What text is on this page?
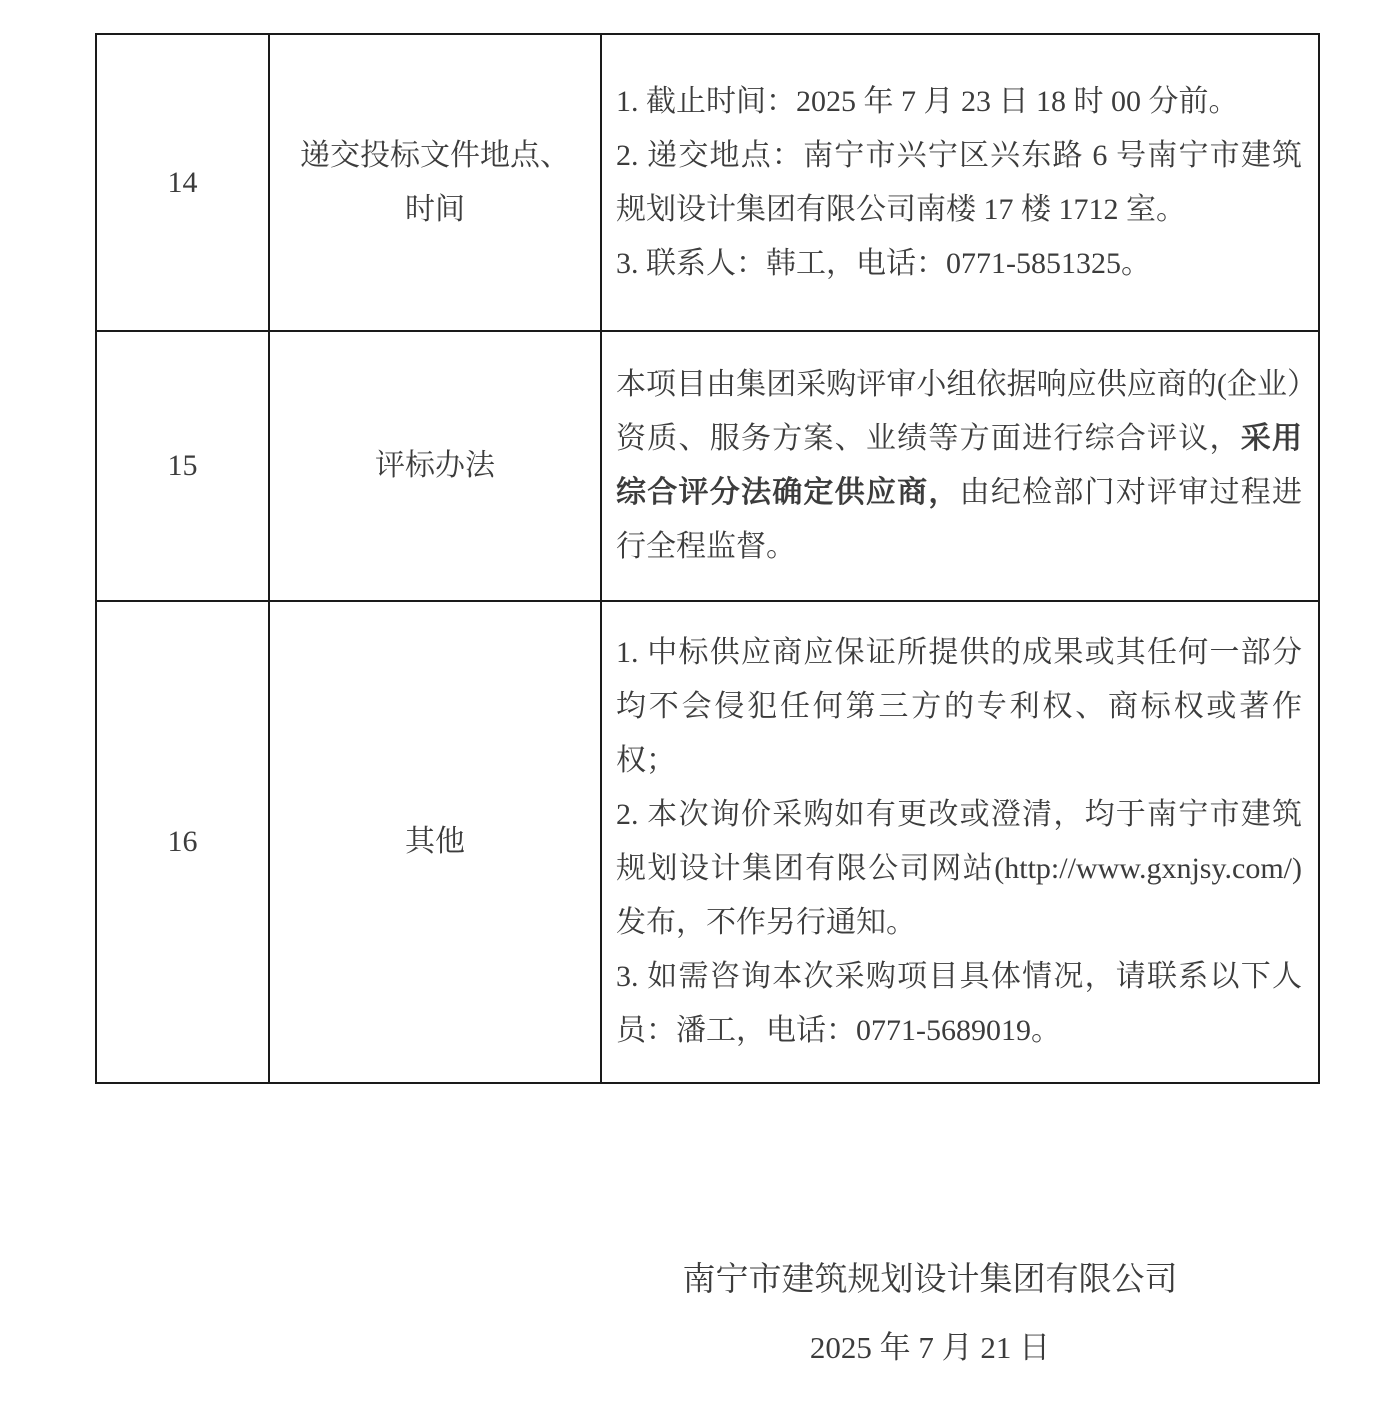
14
递交投标文件地点、
时间

1. 截止时间：2025 年 7 月 23 日 18 时 00 分前。

2. 递交地点：南宁市兴宁区兴东路 6 号南宁市建筑规划设计集团有限公司南楼 17 楼 1712 室。

3. 联系人：韩工，电话：0771-5851325。

15	评标办法

本项目由集团采购评审小组依据响应供应商的(企业）资质、服务方案、业绩等方面进行综合评议，采用综合评分法确定供应商，由纪检部门对评审过程进行全程监督。

16	其他

1. 中标供应商应保证所提供的成果或其任何一部分均不会侵犯任何第三方的专利权、商标权或著作权；

2. 本次询价采购如有更改或澄清，均于南宁市建筑规划设计集团有限公司网站(http://www.gxnjsy.com/)发布，不作另行通知。

3. 如需咨询本次采购项目具体情况，请联系以下人员：潘工，电话：0771-5689019。

南宁市建筑规划设计集团有限公司
2025 年 7 月 21 日
